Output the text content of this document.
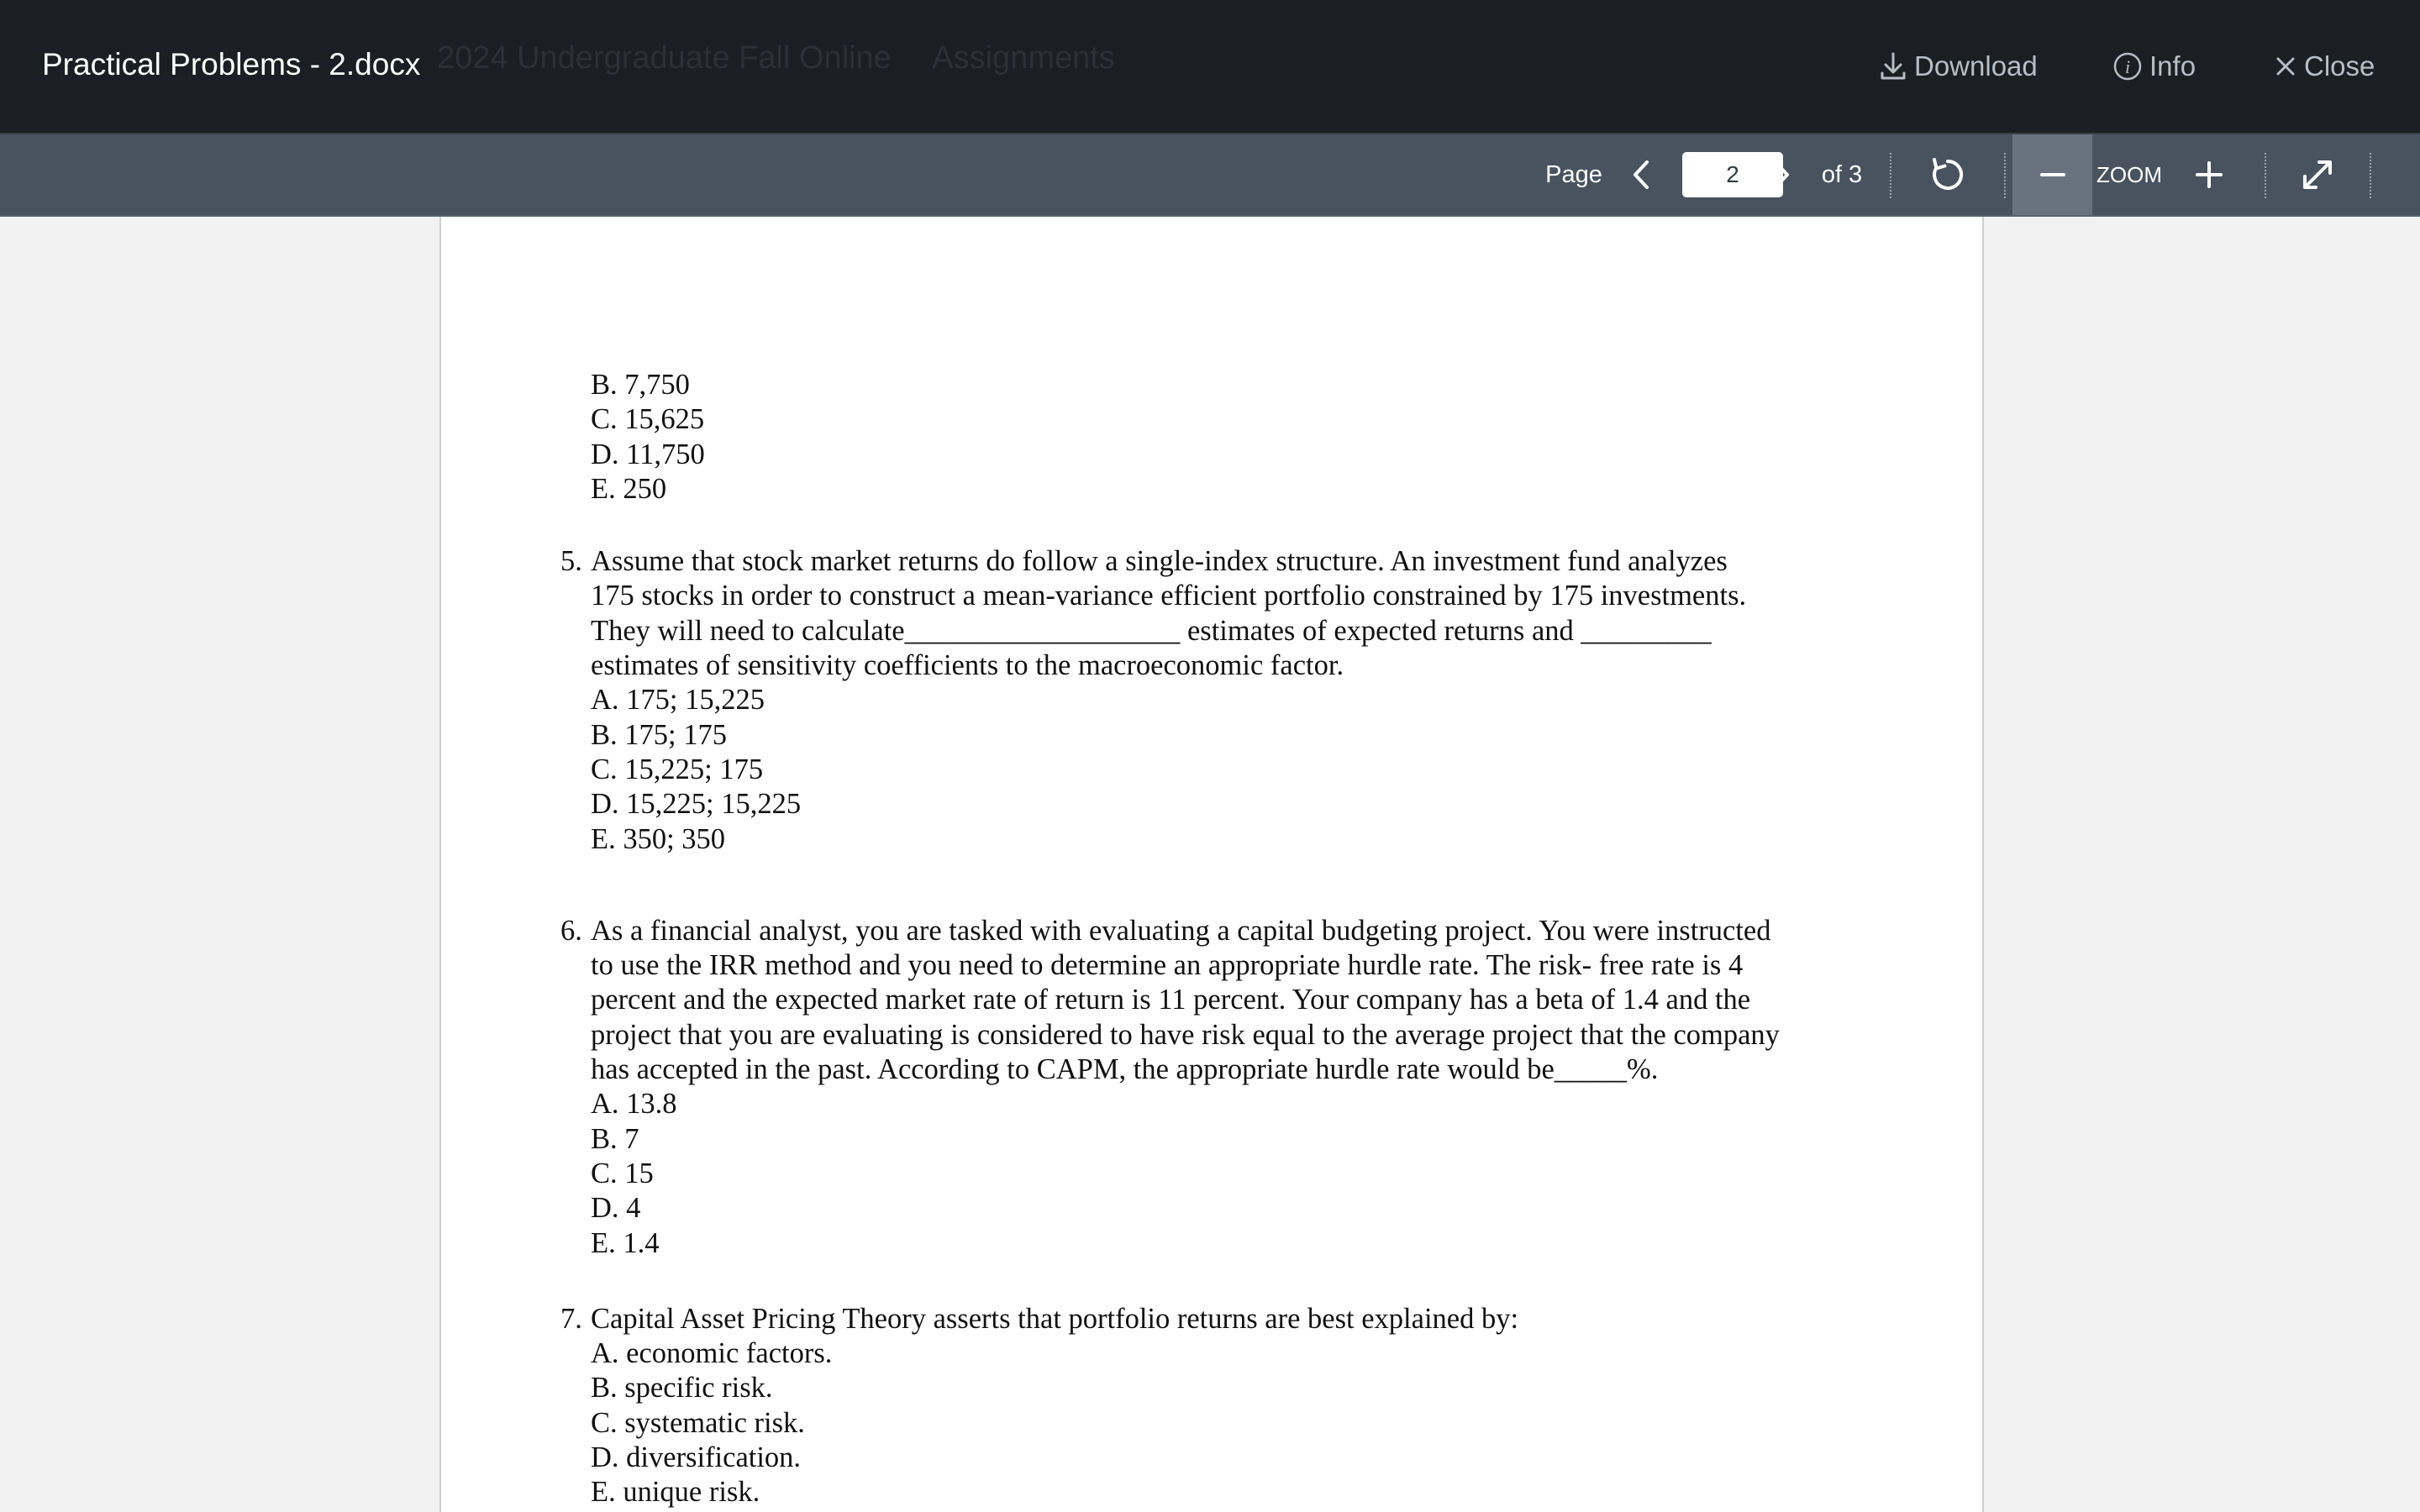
2024 Undergraduate Fall Online Assignments
Practical Problems - 2.docx	Download	i Info	Close
Page
2	of 3	ZOOM
B. 7,750
C. 15,625
D. 11,750
E. 250
5. Assume that stock market returns do follow a single-index structure. An investment fund analyzes
175 stocks in order to construct a mean-variance efficient portfolio constrained by 175 investments.
They will need to calculate___________________ estimates of expected returns and _________
estimates of sensitivity coefficients to the macroeconomic factor.
A. 175; 15,225
B. 175; 175
C. 15,225; 175
D. 15,225; 15,225
E. 350; 350
6. As a financial analyst, you are tasked with evaluating a capital budgeting project. You were instructed
to use the IRR method and you need to determine an appropriate hurdle rate. The risk- free rate is 4
percent and the expected market rate of return is 11 percent. Your company has a beta of 1.4 and the
project that you are evaluating is considered to have risk equal to the average project that the company
has accepted in the past. According to CAPM, the appropriate hurdle rate would be_____%.
A. 13.8
B. 7
C. 15
D. 4
E. 1.4
7. Capital Asset Pricing Theory asserts that portfolio returns are best explained by:
A. economic factors.
B. specific risk.
C. systematic risk.
D. diversification.
E. unique risk.
